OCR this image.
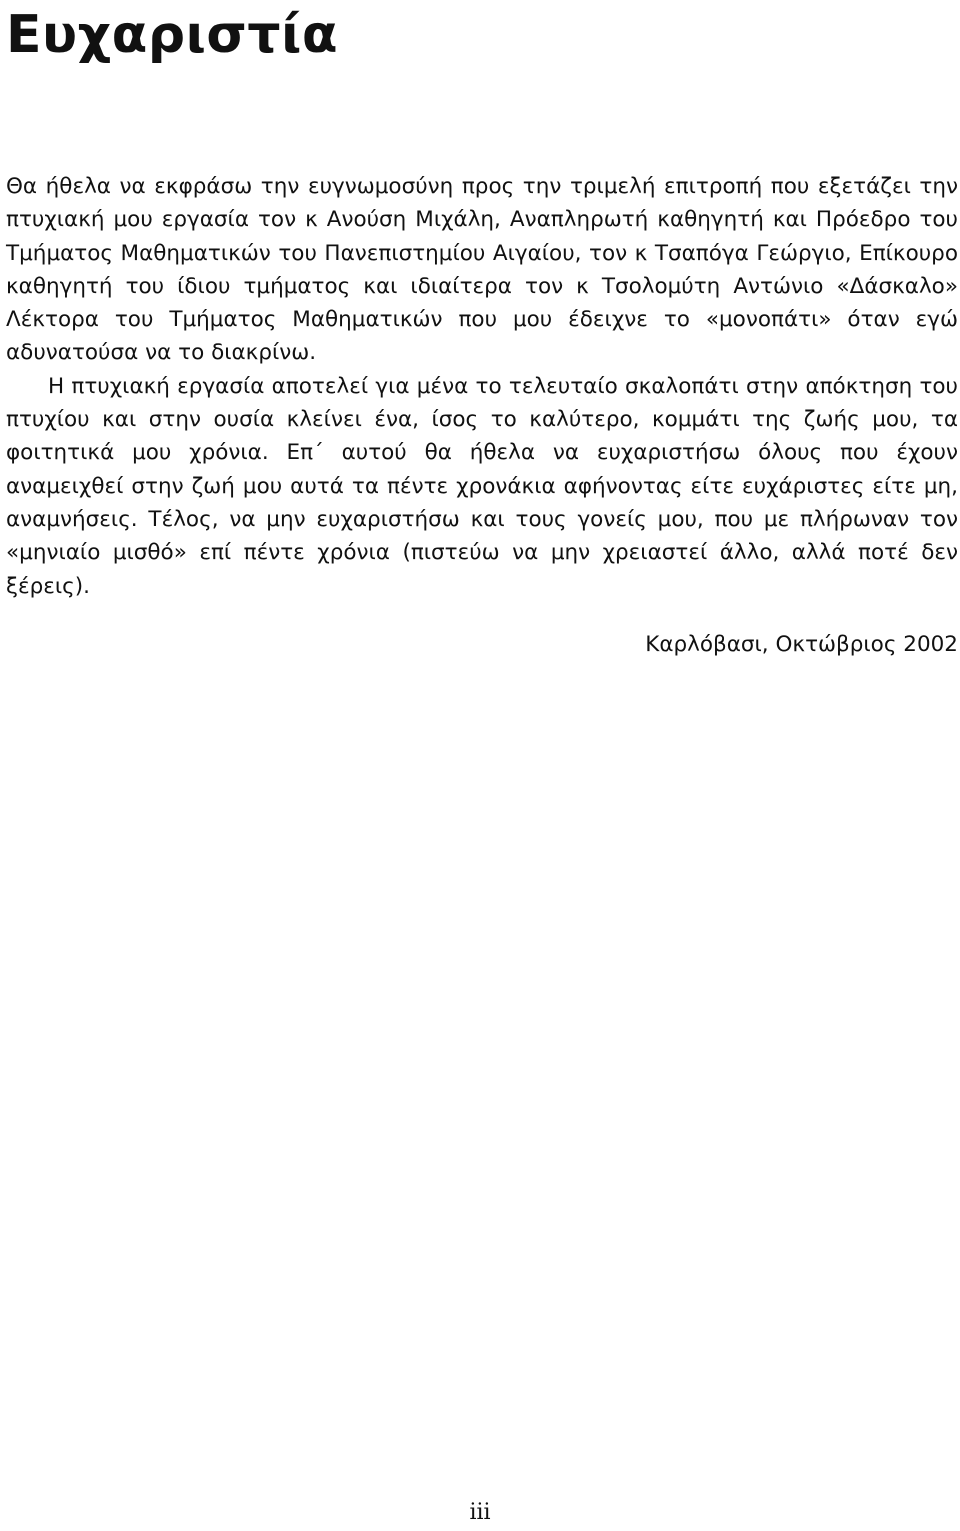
Ευχαριστία

Θα ήθελα να εκφράσω την ευγνωμοσύνη προς την τριμελή επιτροπή που εξετάζει την πτυχιακή μου εργασία τον κ Ανούση Μιχάλη, Αναπληρωτή καθηγητή και Πρόεδρο του Τμήματος Μαθηματικών του Πανεπιστημίου Αιγαίου, τον κ Τσαπόγα Γεώργιο, Επίκουρο καθηγητή του ίδιου τμήματος και ιδιαίτερα τον κ Τσολομύτη Αντώνιο «Δάσκαλο» Λέκτορα του Τμήματος Μαθηματικών που μου έδειχνε το «μονοπάτι» όταν εγώ αδυνατούσα να το διακρίνω.

Η πτυχιακή εργασία αποτελεί για μένα το τελευταίο σκαλοπάτι στην απόκτηση του πτυχίου και στην ουσία κλείνει ένα, ίσος το καλύτερο, κομμάτι της ζωής μου, τα φοιτητικά μου χρόνια. Επ΄ αυτού θα ήθελα να ευχαριστήσω όλους που έχουν αναμειχθεί στην ζωή μου αυτά τα πέντε χρονάκια αφήνοντας είτε ευχάριστες είτε μη, αναμνήσεις. Τέλος, να μην ευχαριστήσω και τους γονείς μου, που με πλήρωναν τον «μηνιαίο μισθό» επί πέντε χρόνια (πιστεύω να μην χρειαστεί άλλο, αλλά ποτέ δεν ξέρεις).

Καρλόβασι, Οκτώβριος 2002
iii
